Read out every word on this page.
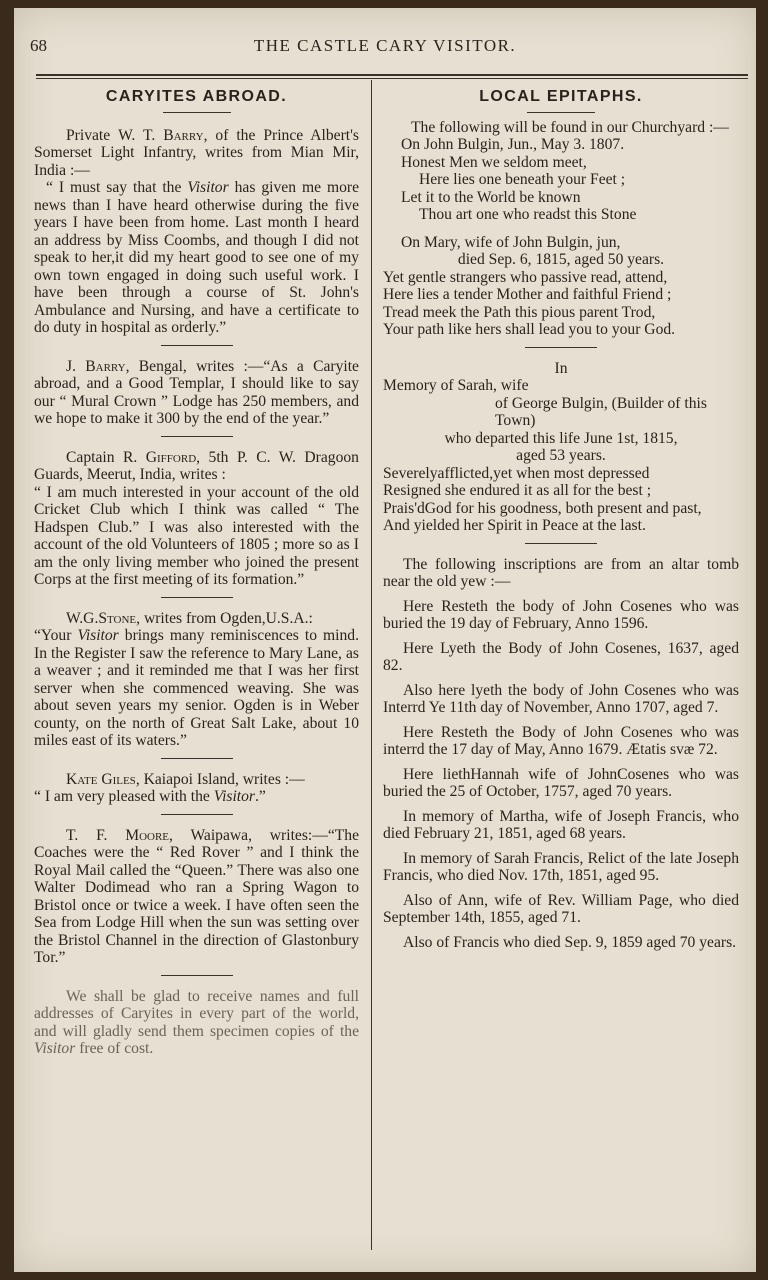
68	THE CASTLE CARY VISITOR.
CARYITES ABROAD.

Private W. T. Barry, of the Prince Albert's Somerset Light Infantry, writes from Mian Mir, India :—

“ I must say that the Visitor has given me more news than I have heard otherwise during the five years I have been from home. Last month I heard an address by Miss Coombs, and though I did not speak to her,it did my heart good to see one of my own town engaged in doing such useful work. I have been through a course of St. John's Ambulance and Nursing, and have a certificate to do duty in hospital as orderly.”

J. Barry, Bengal, writes :—“As a Caryite abroad, and a Good Templar, I should like to say our “ Mural Crown ” Lodge has 250 members, and we hope to make it 300 by the end of the year.”

Captain R. Gifford, 5th P. C. W. Dragoon Guards, Meerut, India, writes :

“ I am much interested in your account of the old Cricket Club which I think was called “ The Hadspen Club.” I was also interested with the account of the old Volunteers of 1805 ; more so as I am the only living member who joined the present Corps at the first meeting of its formation.”

W.G.Stone, writes from Ogden,U.S.A.:

“Your Visitor brings many reminiscences to mind. In the Register I saw the reference to Mary Lane, as a weaver ; and it reminded me that I was her first server when she commenced weaving. She was about seven years my senior. Ogden is in Weber county, on the north of Great Salt Lake, about 10 miles east of its waters.”

Kate Giles, Kaiapoi Island, writes :—

“ I am very pleased with the Visitor.”

T. F. Moore, Waipawa, writes:—“The Coaches were the “ Red Rover ” and I think the Royal Mail called the “Queen.” There was also one Walter Dodimead who ran a Spring Wagon to Bristol once or twice a week. I have often seen the Sea from Lodge Hill when the sun was setting over the Bristol Channel in the direction of Glastonbury Tor.”

We shall be glad to receive names and full addresses of Caryites in every part of the world, and will gladly send them specimen copies of the Visitor free of cost.

LOCAL EPITAPHS.

The following will be found in our Churchyard :—

On John Bulgin, Jun., May 3. 1807.

Honest Men we seldom meet,

Here lies one beneath your Feet ;

Let it to the World be known

Thou art one who readst this Stone

On Mary, wife of John Bulgin, jun,

died Sep. 6, 1815, aged 50 years.

Yet gentle strangers who passive read, attend,

Here lies a tender Mother and faithful Friend ;

Tread meek the Path this pious parent Trod,

Your path like hers shall lead you to your God.

In

Memory of Sarah, wife

of George Bulgin, (Builder of this Town)

who departed this life June 1st, 1815,

aged 53 years.

Severelyafflicted,yet when most depressed

Resigned she endured it as all for the best ;

Prais'dGod for his goodness, both present and past,

And yielded her Spirit in Peace at the last.

The following inscriptions are from an altar tomb near the old yew :—

Here Resteth the body of John Cosenes who was buried the 19 day of February, Anno 1596.

Here Lyeth the Body of John Cosenes, 1637, aged 82.

Also here lyeth the body of John Cosenes who was Interrd Ye 11th day of November, Anno 1707, aged 7.

Here Resteth the Body of John Cosenes who was interrd the 17 day of May, Anno 1679. Ætatis svæ 72.

Here liethHannah wife of JohnCosenes who was buried the 25 of October, 1757, aged 70 years.

In memory of Martha, wife of Joseph Francis, who died February 21, 1851, aged 68 years.

In memory of Sarah Francis, Relict of the late Joseph Francis, who died Nov. 17th, 1851, aged 95.

Also of Ann, wife of Rev. William Page, who died September 14th, 1855, aged 71.

Also of Francis who died Sep. 9, 1859 aged 70 years.
